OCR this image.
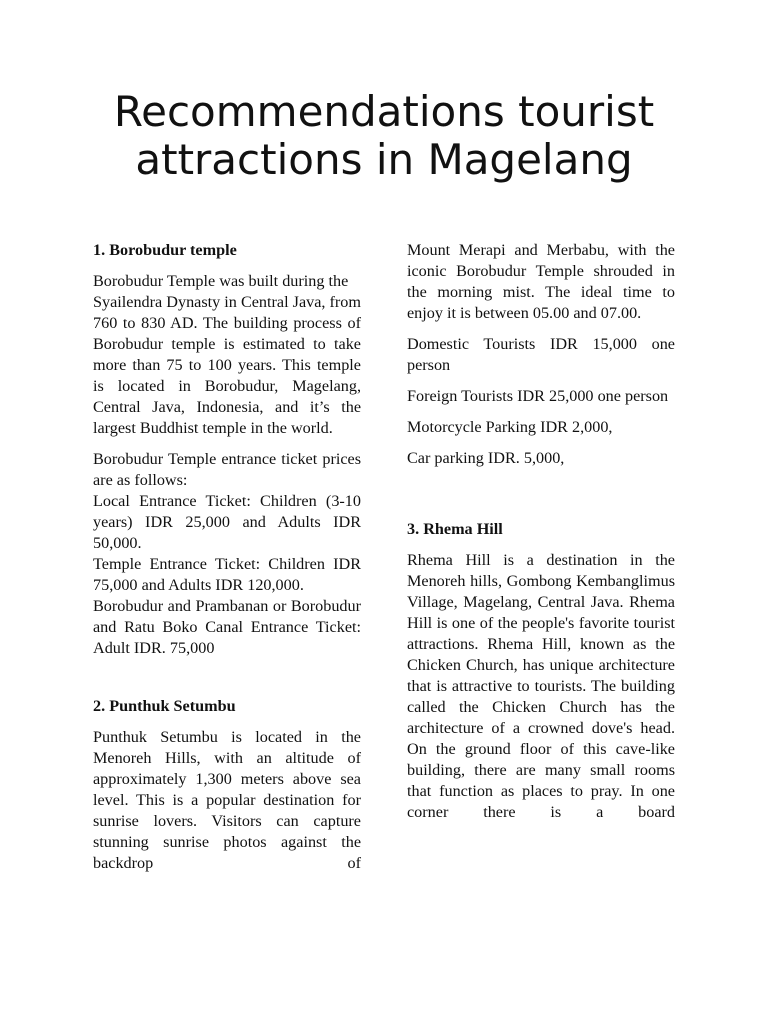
Recommendations tourist attractions in Magelang
1. Borobudur temple

Borobudur Temple was built during the
Syailendra Dynasty in Central Java, from 760 to 830 AD. The building process of Borobudur temple is estimated to take more than 75 to 100 years. This temple is located in Borobudur, Magelang, Central Java, Indonesia, and it’s the largest Buddhist temple in the world.

Borobudur Temple entrance ticket prices are as follows:
Local Entrance Ticket: Children (3-10 years) IDR 25,000 and Adults IDR 50,000.
Temple Entrance Ticket: Children IDR 75,000 and Adults IDR 120,000.
Borobudur and Prambanan or Borobudur and Ratu Boko Canal Entrance Ticket: Adult IDR. 75,000
2. Punthuk Setumbu

Punthuk Setumbu is located in the Menoreh Hills, with an altitude of approximately 1,300 meters above sea level. This is a popular destination for sunrise lovers. Visitors can capture stunning sunrise photos against the backdrop of

Mount Merapi and Merbabu, with the iconic Borobudur Temple shrouded in the morning mist. The ideal time to enjoy it is between 05.00 and 07.00.

Domestic Tourists IDR 15,000 one person

Foreign Tourists IDR 25,000 one person

Motorcycle Parking IDR 2,000,

Car parking IDR. 5,000,

3. Rhema Hill

Rhema Hill is a destination in the Menoreh hills, Gombong Kembanglimus Village, Magelang, Central Java. Rhema Hill is one of the people's favorite tourist attractions. Rhema Hill, known as the Chicken Church, has unique architecture that is attractive to tourists. The building called the Chicken Church has the architecture of a crowned dove's head. On the ground floor of this cave-like building, there are many small rooms that function as places to pray. In one corner there is a board
